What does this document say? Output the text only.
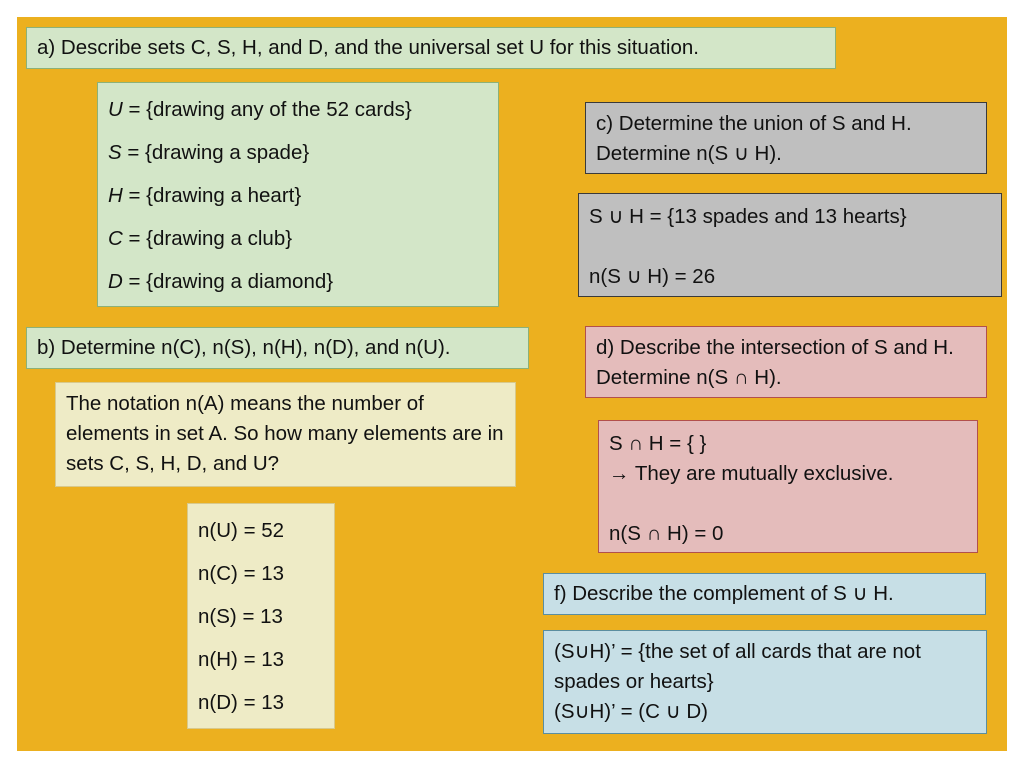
a) Describe sets C, S, H, and D, and the universal set U for this situation.
U = {drawing any of the 52 cards}
S = {drawing a spade}
H = {drawing a heart}
C = {drawing a club}
D = {drawing a diamond}
b) Determine n(C), n(S), n(H), n(D), and n(U).
The notation n(A) means the number of elements in set A. So how many elements are in sets C, S, H, D, and U?
n(U) = 52
n(C) = 13
n(S) = 13
n(H) = 13
n(D) = 13
c) Determine the union of S and H. Determine n(S ∪ H).
S ∪ H = {13 spades and 13 hearts}
n(S ∪ H) = 26
d) Describe the intersection of S and H. Determine n(S ∩ H).
S ∩ H = { }
→ They are mutually exclusive.
n(S ∩ H) = 0
f) Describe the complement of S ∪ H.
(S∪H)’ = {the set of all cards that are not spades or hearts}
(S∪H)’ = (C ∪ D)
